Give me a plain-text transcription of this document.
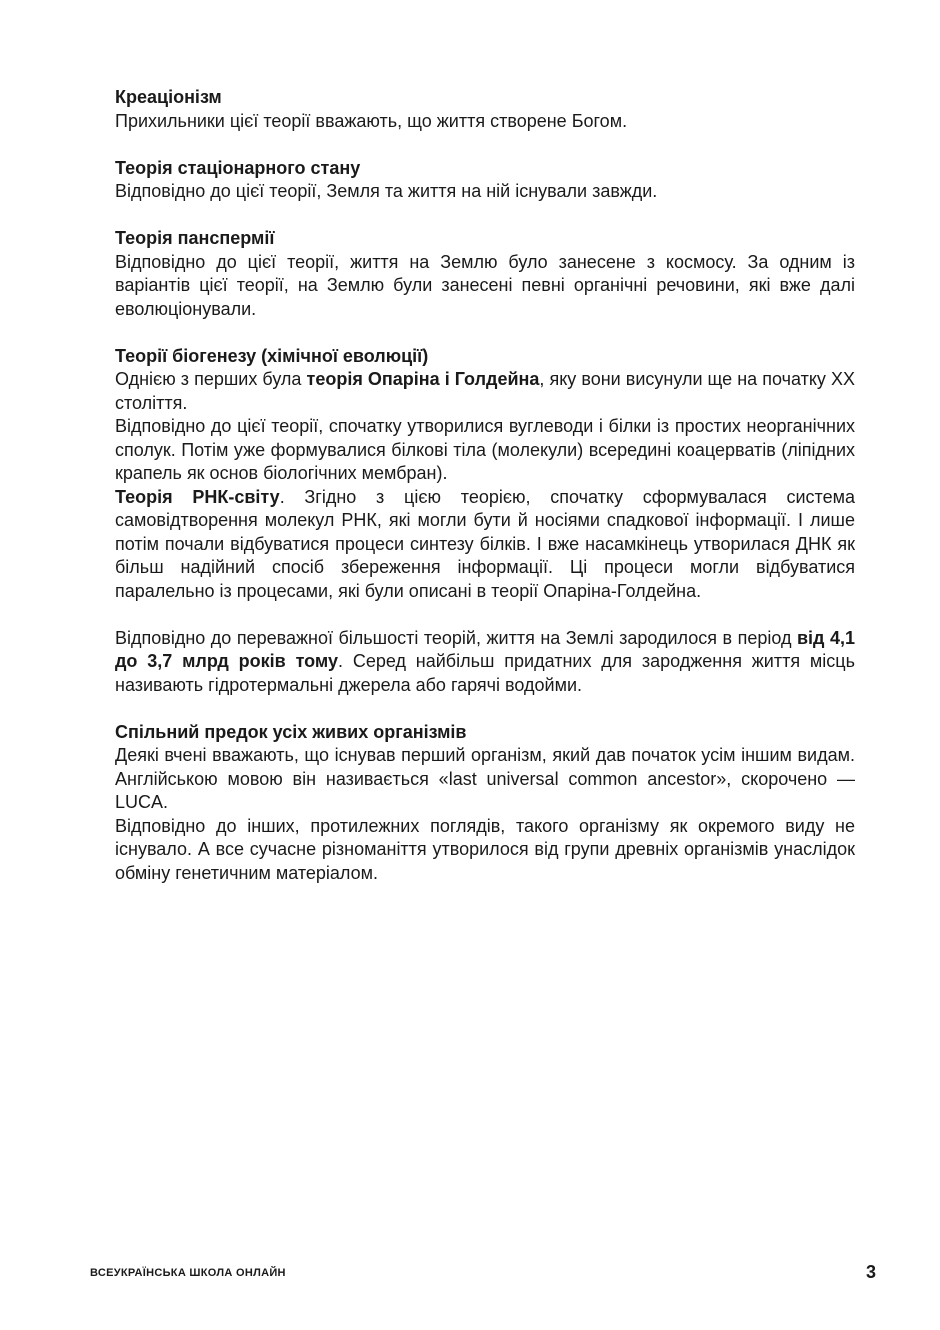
Креаціонізм
Прихильники цієї теорії вважають, що життя створене Богом.
Теорія стаціонарного стану
Відповідно до цієї теорії, Земля та життя на ній існували завжди.
Теорія панспермії
Відповідно до цієї теорії, життя на Землю було занесене з космосу. За одним із варіантів цієї теорії, на Землю були занесені певні органічні речовини, які вже далі еволюціонували.
Теорії біогенезу (хімічної еволюції)
Однією з перших була теорія Опаріна і Голдейна, яку вони висунули ще на початку XX століття.
Відповідно до цієї теорії, спочатку утворилися вуглеводи і білки із простих неорганічних сполук. Потім уже формувалися білкові тіла (молекули) всередині коацерватів (ліпідних крапель як основ біологічних мембран).
Теорія РНК-світу. Згідно з цією теорією, спочатку сформувалася система самовідтворення молекул РНК, які могли бути й носіями спадкової інформації. І лише потім почали відбуватися процеси синтезу білків. І вже насамкінець утворилася ДНК як більш надійний спосіб збереження інформації. Ці процеси могли відбуватися паралельно із процесами, які були описані в теорії Опаріна-Голдейна.
Відповідно до переважної більшості теорій, життя на Землі зародилося в період від 4,1 до 3,7 млрд років тому. Серед найбільш придатних для зародження життя місць називають гідротермальні джерела або гарячі водойми.
Спільний предок усіх живих організмів
Деякі вчені вважають, що існував перший організм, який дав початок усім іншим видам. Англійською мовою він називається «last universal common ancestor», скорочено — LUCA.
Відповідно до інших, протилежних поглядів, такого організму як окремого виду не існувало. А все сучасне різноманіття утворилося від групи древніх організмів унаслідок обміну генетичним матеріалом.
ВСЕУКРАЇНСЬКА ШКОЛА ОНЛАЙН	3
